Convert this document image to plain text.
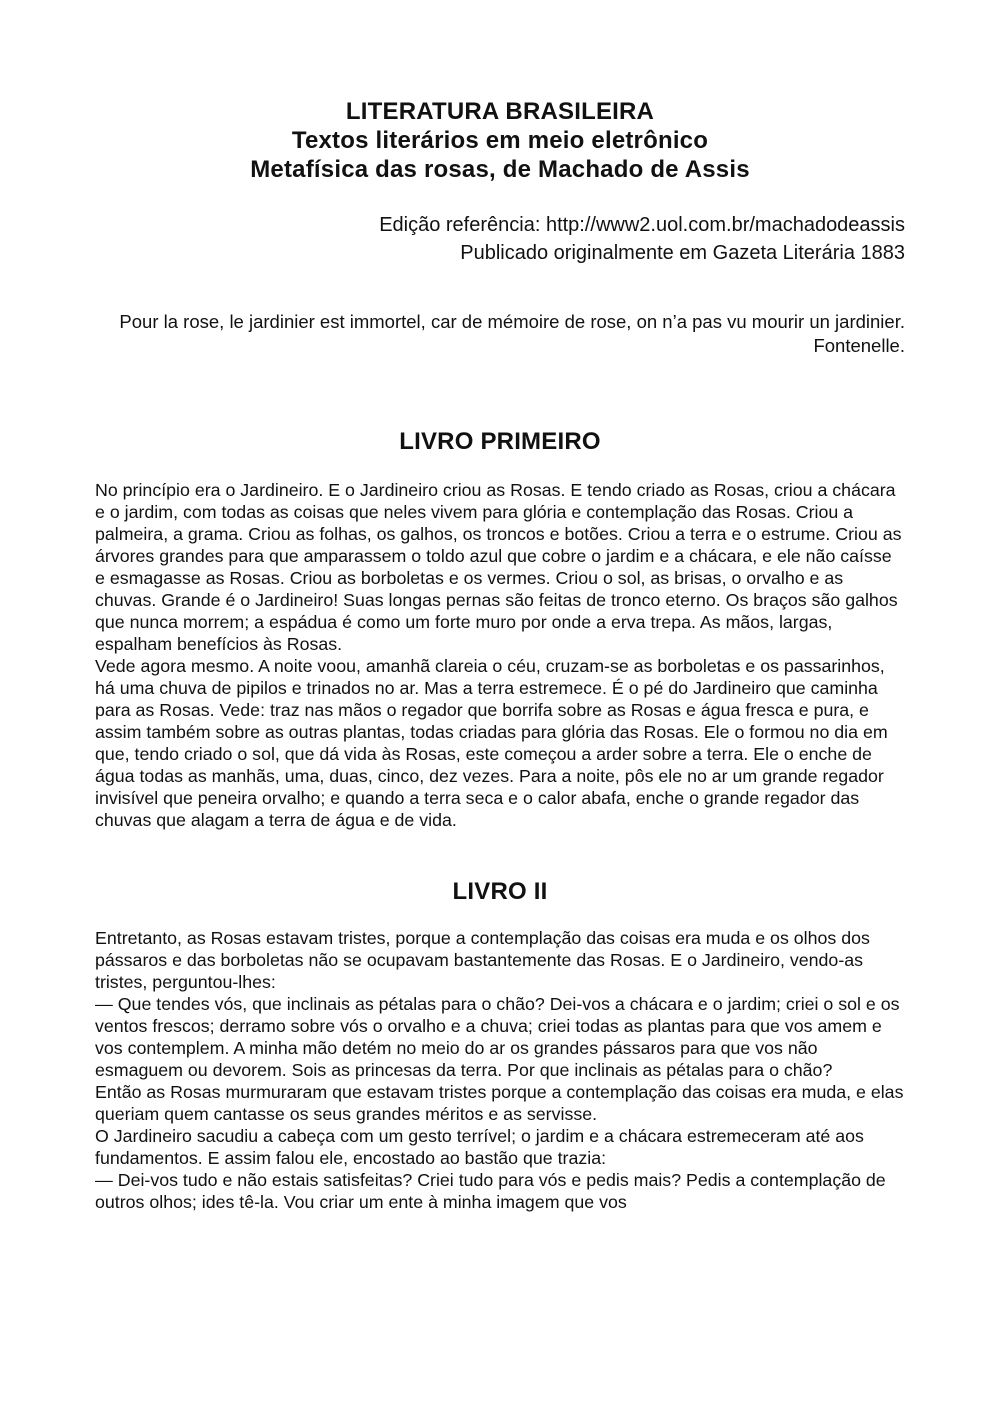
LITERATURA BRASILEIRA
Textos literários em meio eletrônico
Metafísica das rosas, de Machado de Assis
Edição referência: http://www2.uol.com.br/machadodeassis
Publicado originalmente em Gazeta Literária 1883
Pour la rose, le jardinier est immortel, car de mémoire de rose, on n’a pas vu mourir un jardinier.
Fontenelle.
LIVRO PRIMEIRO

No princípio era o Jardineiro. E o Jardineiro criou as Rosas. E tendo criado as Rosas, criou a chácara e o jardim, com todas as coisas que neles vivem para glória e contemplação das Rosas. Criou a palmeira, a grama. Criou as folhas, os galhos, os troncos e botões. Criou a terra e o estrume. Criou as árvores grandes para que amparassem o toldo azul que cobre o jardim e a chácara, e ele não caísse e esmagasse as Rosas. Criou as borboletas e os vermes. Criou o sol, as brisas, o orvalho e as chuvas. Grande é o Jardineiro! Suas longas pernas são feitas de tronco eterno. Os braços são galhos que nunca morrem; a espádua é como um forte muro por onde a erva trepa. As mãos, largas, espalham benefícios às Rosas.

Vede agora mesmo. A noite voou, amanhã clareia o céu, cruzam-se as borboletas e os passarinhos, há uma chuva de pipilos e trinados no ar. Mas a terra estremece. É o pé do Jardineiro que caminha para as Rosas. Vede: traz nas mãos o regador que borrifa sobre as Rosas e água fresca e pura, e assim também sobre as outras plantas, todas criadas para glória das Rosas. Ele o formou no dia em que, tendo criado o sol, que dá vida às Rosas, este começou a arder sobre a terra. Ele o enche de água todas as manhãs, uma, duas, cinco, dez vezes. Para a noite, pôs ele no ar um grande regador invisível que peneira orvalho; e quando a terra seca e o calor abafa, enche o grande regador das chuvas que alagam a terra de água e de vida.

LIVRO II

Entretanto, as Rosas estavam tristes, porque a contemplação das coisas era muda e os olhos dos pássaros e das borboletas não se ocupavam bastantemente das Rosas. E o Jardineiro, vendo-as tristes, perguntou-lhes:

— Que tendes vós, que inclinais as pétalas para o chão? Dei-vos a chácara e o jardim; criei o sol e os ventos frescos; derramo sobre vós o orvalho e a chuva; criei todas as plantas para que vos amem e vos contemplem. A minha mão detém no meio do ar os grandes pássaros para que vos não esmaguem ou devorem. Sois as princesas da terra. Por que inclinais as pétalas para o chão?

Então as Rosas murmuraram que estavam tristes porque a contemplação das coisas era muda, e elas queriam quem cantasse os seus grandes méritos e as servisse.

O Jardineiro sacudiu a cabeça com um gesto terrível; o jardim e a chácara estremeceram até aos fundamentos. E assim falou ele, encostado ao bastão que trazia:

— Dei-vos tudo e não estais satisfeitas? Criei tudo para vós e pedis mais? Pedis a contemplação de outros olhos; ides tê-la. Vou criar um ente à minha imagem que vos
